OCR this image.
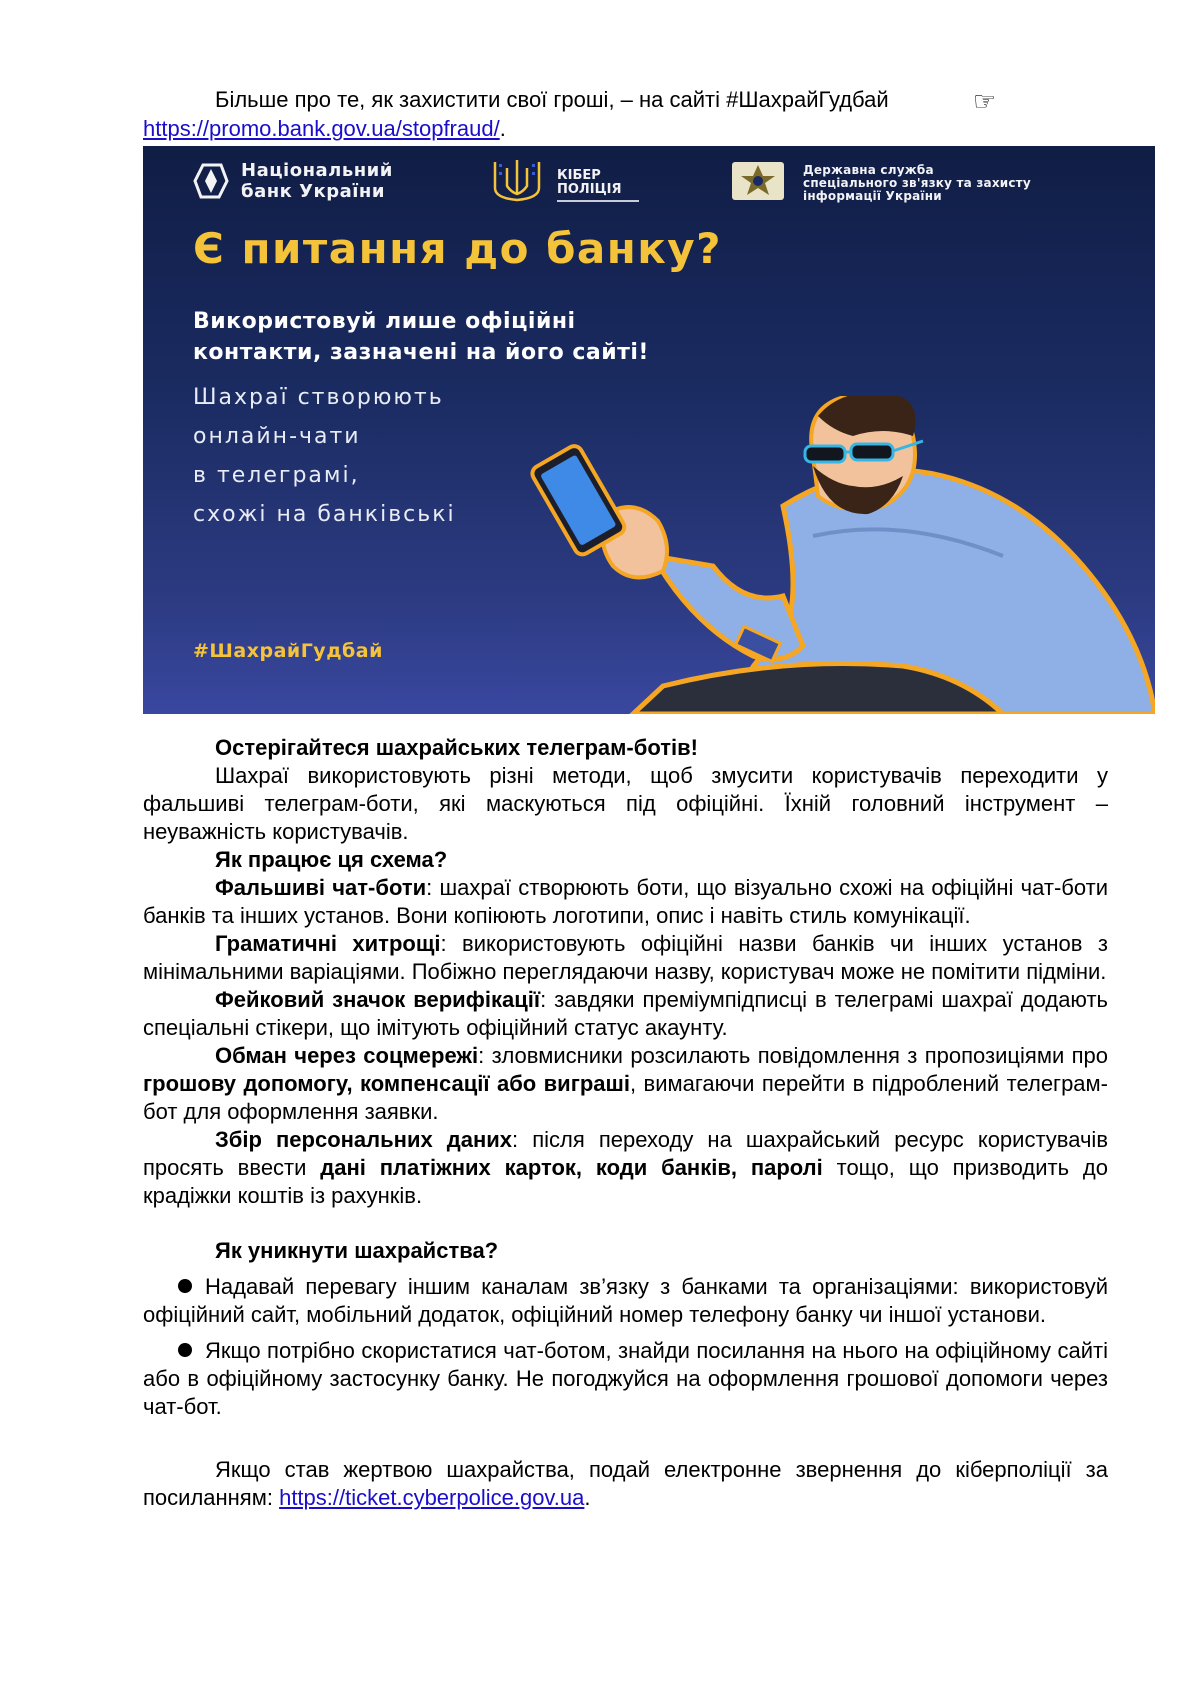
Більше про те, як захистити свої гроші, – на сайті #ШахрайГудбай	☞
https://promo.bank.gov.ua/stopfraud/.

Національний
банк України
КІБЕР
ПОЛІЦІЯ
Державна служба
спеціального зв'язку та захисту
інформації України
Є питання до банку?
Використовуй лише офіційні
контакти, зазначені на його сайті!
Шахраї створюють
онлайн-чати
в телеграмі,
схожі на банківські
#ШахрайГудбай

Остерігайтеся шахрайських телеграм-ботів!

Шахраї використовують різні методи, щоб змусити користувачів переходити у фальшиві телеграм-боти, які маскуються під офіційні. Їхній головний інструмент – неуважність користувачів.

Як працює ця схема?

Фальшиві чат-боти: шахраї створюють боти, що візуально схожі на офіційні чат-боти банків та інших установ. Вони копіюють логотипи, опис і навіть стиль комунікації.

Граматичні хитрощі: використовують офіційні назви банків чи інших установ з мінімальними варіаціями. Побіжно переглядаючи назву, користувач може не помітити підміни.

Фейковий значок верифікації: завдяки преміумпідписці в телеграмі шахраї додають спеціальні стікери, що імітують офіційний статус акаунту.

Обман через соцмережі: зловмисники розсилають повідомлення з пропозиціями про грошову допомогу, компенсації або виграші, вимагаючи перейти в підроблений телеграм-бот для оформлення заявки.

Збір персональних даних: після переходу на шахрайський ресурс користувачів просять ввести дані платіжних карток, коди банків, паролі тощо, що призводить до крадіжки коштів із рахунків.

Як уникнути шахрайства?

Надавай перевагу іншим каналам зв’язку з банками та організаціями: використовуй офіційний сайт, мобільний додаток, офіційний номер телефону банку чи іншої установи.
Якщо потрібно скористатися чат-ботом, знайди посилання на нього на офіційному сайті або в офіційному застосунку банку. Не погоджуйся на оформлення грошової допомоги через чат-бот.

Якщо став жертвою шахрайства, подай електронне звернення до кіберполіції за посиланням: https://ticket.cyberpolice.gov.ua.
